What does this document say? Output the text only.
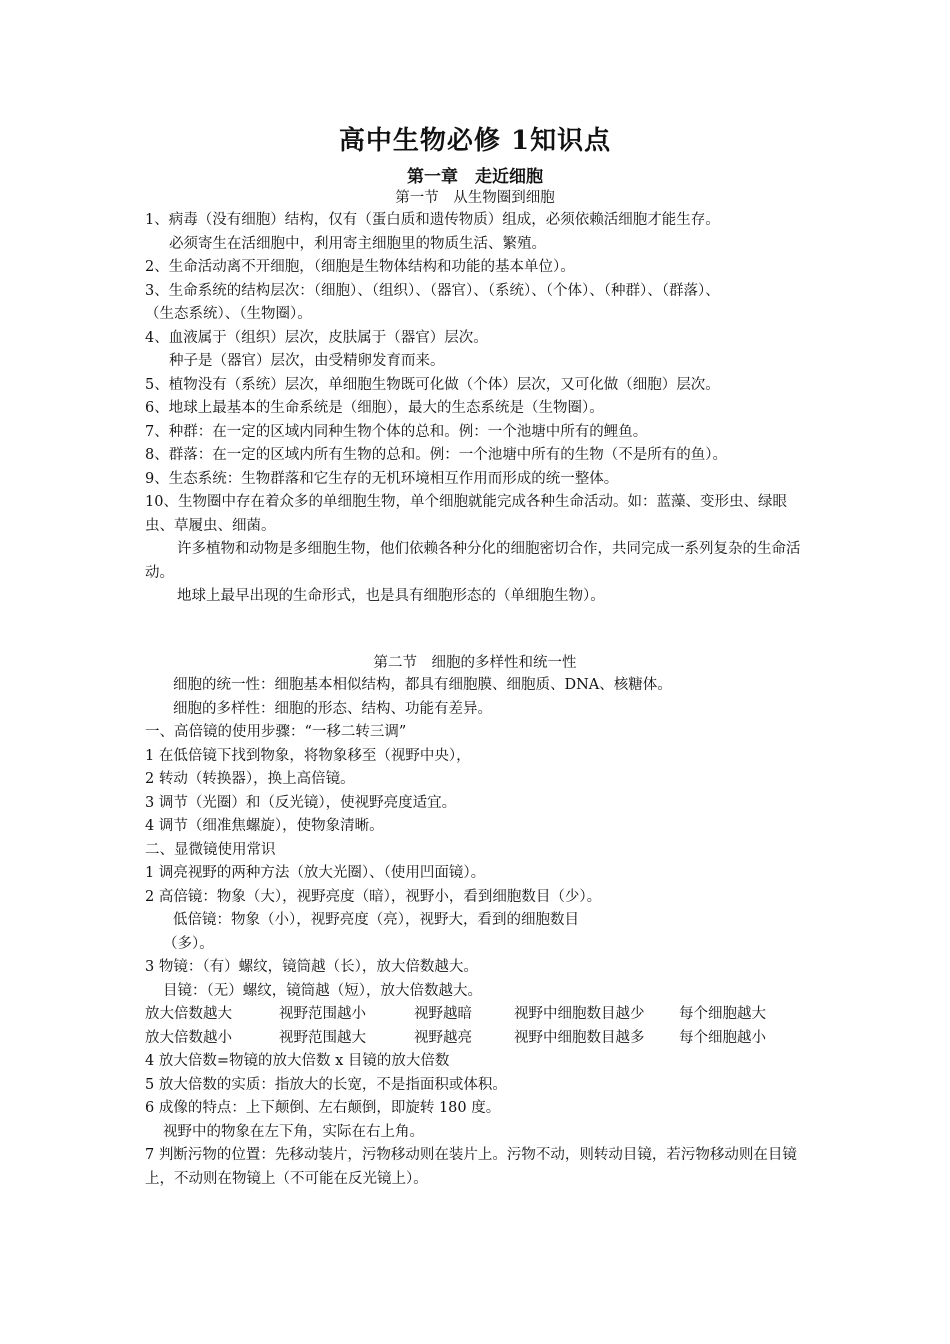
高中生物必修 1知识点
第一章　走近细胞
第一节　从生物圈到细胞

1、病毒（没有细胞）结构，仅有（蛋白质和遗传物质）组成，必须依赖活细胞才能生存。

必须寄生在活细胞中，利用寄主细胞里的物质生活、繁殖。

2、生命活动离不开细胞，（细胞是生物体结构和功能的基本单位）。

3、生命系统的结构层次：（细胞）、（组织）、（器官）、（系统）、（个体）、（种群）、（群落）、

（生态系统）、（生物圈）。

4、血液属于（组织）层次，皮肤属于（器官）层次。

种子是（器官）层次，由受精卵发育而来。

5、植物没有（系统）层次，单细胞生物既可化做（个体）层次，又可化做（细胞）层次。

6、地球上最基本的生命系统是（细胞），最大的生态系统是（生物圈）。

7、种群：在一定的区域内同种生物个体的总和。例：一个池塘中所有的鲤鱼。

8、群落：在一定的区域内所有生物的总和。例：一个池塘中所有的生物（不是所有的鱼）。

9、生态系统：生物群落和它生存的无机环境相互作用而形成的统一整体。

10、生物圈中存在着众多的单细胞生物，单个细胞就能完成各种生命活动。如：蓝藻、变形虫、绿眼虫、草履虫、细菌。

许多植物和动物是多细胞生物，他们依赖各种分化的细胞密切合作，共同完成一系列复杂的生命活动。

地球上最早出现的生命形式，也是具有细胞形态的（单细胞生物）。

第二节　细胞的多样性和统一性

细胞的统一性：细胞基本相似结构，都具有细胞膜、细胞质、DNA、核糖体。

细胞的多样性：细胞的形态、结构、功能有差异。

一、高倍镜的使用步骤：“一移二转三调”

1 在低倍镜下找到物象，将物象移至（视野中央），

2 转动（转换器），换上高倍镜。

3 调节（光圈）和（反光镜），使视野亮度适宜。

4 调节（细准焦螺旋），使物象清晰。

二、显微镜使用常识

1 调亮视野的两种方法（放大光圈）、（使用凹面镜）。

2 高倍镜：物象（大），视野亮度（暗），视野小，看到细胞数目（少）。

低倍镜：物象（小），视野亮度（亮），视野大，看到的细胞数目

（多）。

3 物镜：（有）螺纹，镜筒越（长），放大倍数越大。

目镜：（无）螺纹，镜筒越（短），放大倍数越大。

放大倍数越大	视野范围越小	视野越暗	视野中细胞数目越少	每个细胞越大
放大倍数越小	视野范围越大	视野越亮	视野中细胞数目越多	每个细胞越小

4 放大倍数=物镜的放大倍数 x 目镜的放大倍数

5 放大倍数的实质：指放大的长宽，不是指面积或体积。

6 成像的特点：上下颠倒、左右颠倒，即旋转 180 度。

视野中的物象在左下角，实际在右上角。

7 判断污物的位置：先移动装片，污物移动则在装片上。污物不动，则转动目镜，若污物移动则在目镜上，不动则在物镜上（不可能在反光镜上）。
